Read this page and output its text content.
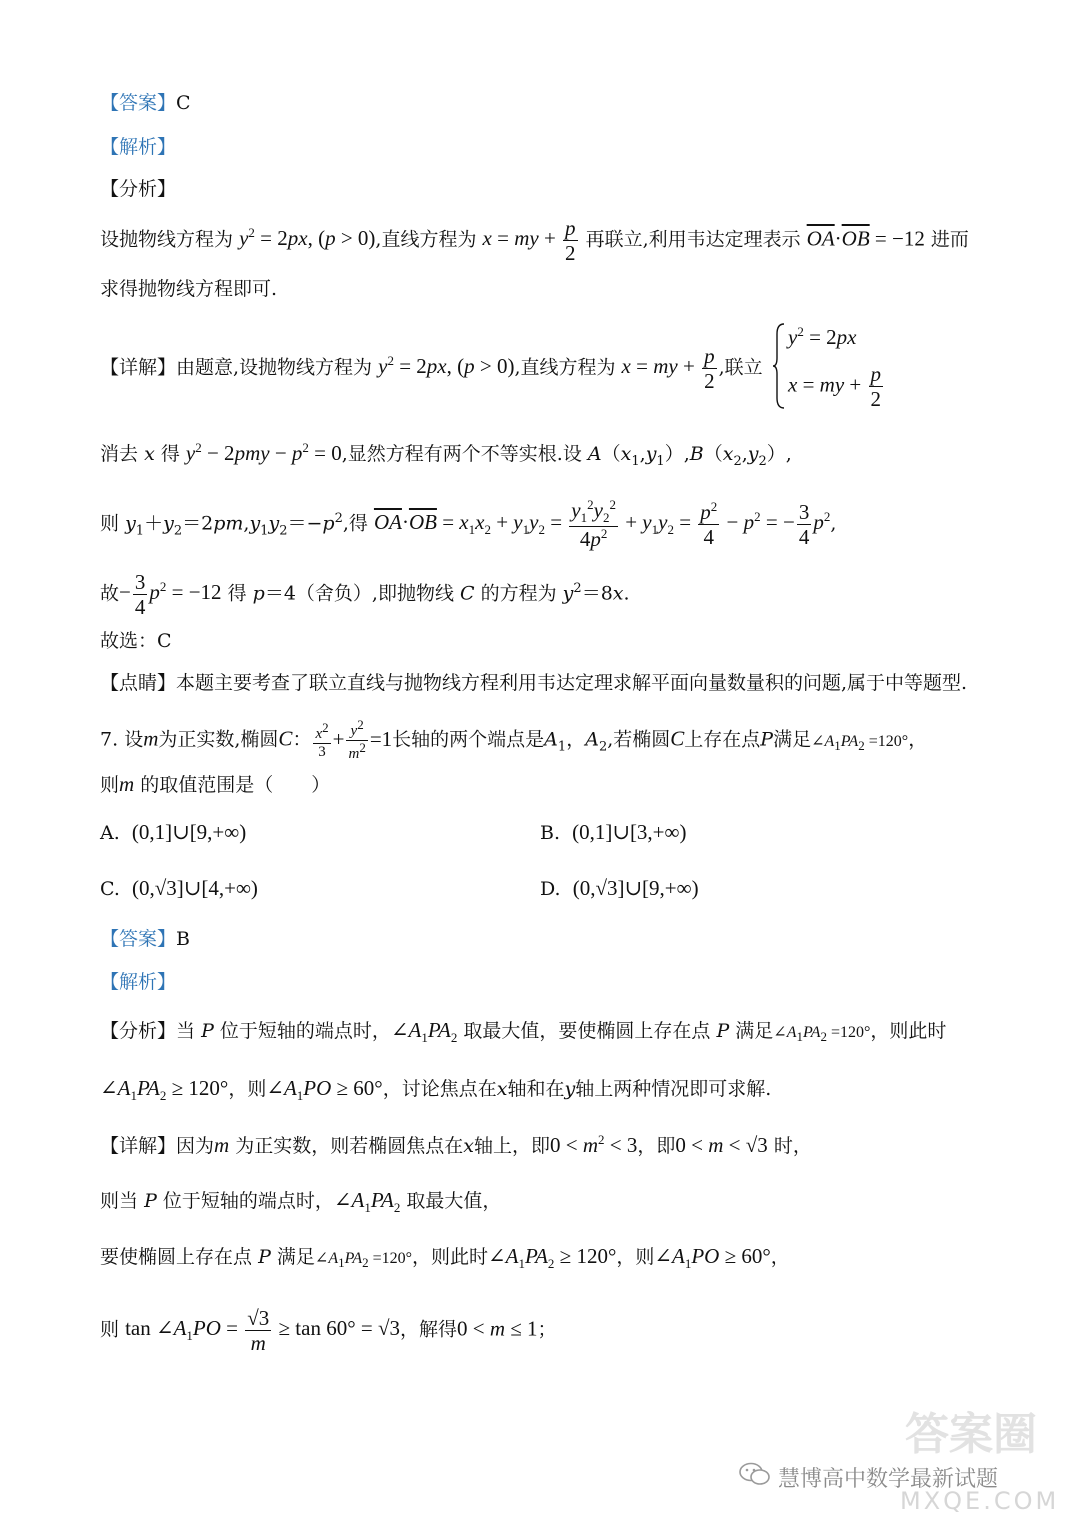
【答案】C
【解析】
【分析】
设抛物线方程为 $y^2 = 2px$, (p > 0),直线方程为 x = my + $\frac{p}{2}$ 再联立,利用韦达定理表示 $\overline{OA}\cdot\overline{OB} = -12$ 进而
求得抛物线方程即可.
【详解】由题意,设抛物线方程为 $y^2 = 2px$, (p > 0),直线方程为 x = my + $\frac{p}{2}$ ,联立
$y^2 = 2px$
x = my + $\frac{p}{2}$
消去 x 得 $y^2 - 2pmy - p^2 = 0$,显然方程有两个不等实根.设 $A(x_1,y_1),B(x_2,y_2)$,
则 $y_1+y_2=2pm,y_1y_2=-p^2$,得 $\overline{OA}\cdot\overline{OB} = x_1x_2 + y_1y_2 = \frac{y_1^2y_2^2}{4p^2} + y_1y_2 = \frac{p^2}{4} - p^2$ = − $\frac{3}{4} p^2$,
故− $\frac{3}{4} p^2 = -12$ 得 p＝4（舍负）,即抛物线 C 的方程为 $y^2=8x$.
故选：C
【点睛】本题主要考查了联立直线与抛物线方程利用韦达定理求解平面向量数量积的问题,属于中等题型.
7. 设m为正实数,椭圆C： $\frac{x^2}{3} + \frac{y^2}{m^2} =1$长轴的两个端点是$A_1$，$A_2$,若椭圆C上存在点P满足$\angle A_1PA_2 =120^\circ$，
则m 的取值范围是（　　）
A. (0,1]∪[9,+∞)	B. (0,1]∪[3,+∞)
C. (0,√3]∪[4,+∞)	D. (0,√3]∪[9,+∞)
【答案】B
【解析】
【分析】当 P 位于短轴的端点时，$\angle A_1PA_2$ 取最大值，要使椭圆上存在点 P 满足$\angle A_1PA_2 =120^\circ$，则此时
$\angle A_1PA_2 \ge 120^\circ$，则$\angle A_1PO \ge 60^\circ$，讨论焦点在x轴和在y轴上两种情况即可求解.
【详解】因为m 为正实数，则若椭圆焦点在x轴上，即$0 < m^2 < 3$，即0 < m < √3 时，
则当 P 位于短轴的端点时，$\angle A_1PA_2$ 取最大值，
要使椭圆上存在点 P 满足$\angle A_1PA_2 =120^\circ$，则此时$\angle A_1PA_2 \ge 120^\circ$，则$\angle A_1PO \ge 60^\circ$，
则 $\tan \angle A_1PO = \frac{√3}{m} \ge \tan 60^\circ = √3$，解得0 < m ≤ 1；
慧博高中数学最新试题
答案圈
MXQE.COM
